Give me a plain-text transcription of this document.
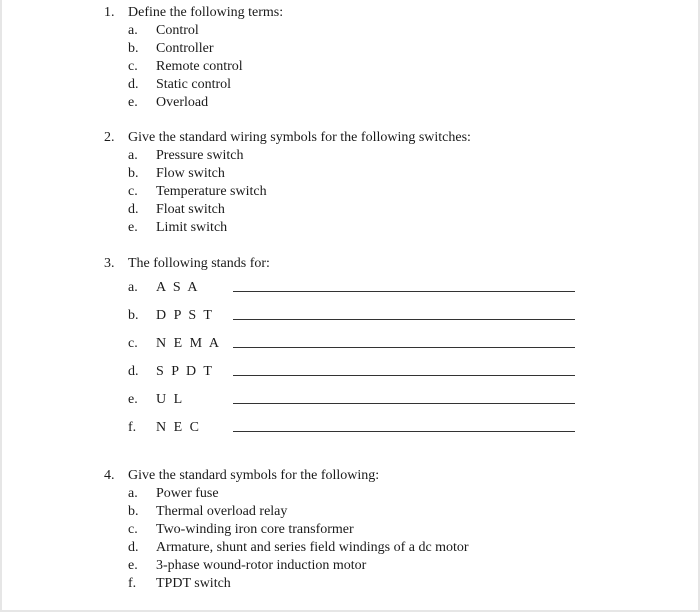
1. Define the following terms:
a. Control
b. Controller
c. Remote control
d. Static control
e. Overload
2. Give the standard wiring symbols for the following switches:
a. Pressure switch
b. Flow switch
c. Temperature switch
d. Float switch
e. Limit switch
3. The following stands for:
a. A S A
b. D P S T
c. N E M A
d. S P D T
e. U L
f. N E C
4. Give the standard symbols for the following:
a. Power fuse
b. Thermal overload relay
c. Two-winding iron core transformer
d. Armature, shunt and series field windings of a dc motor
e. 3-phase wound-rotor induction motor
f. TPDT switch
